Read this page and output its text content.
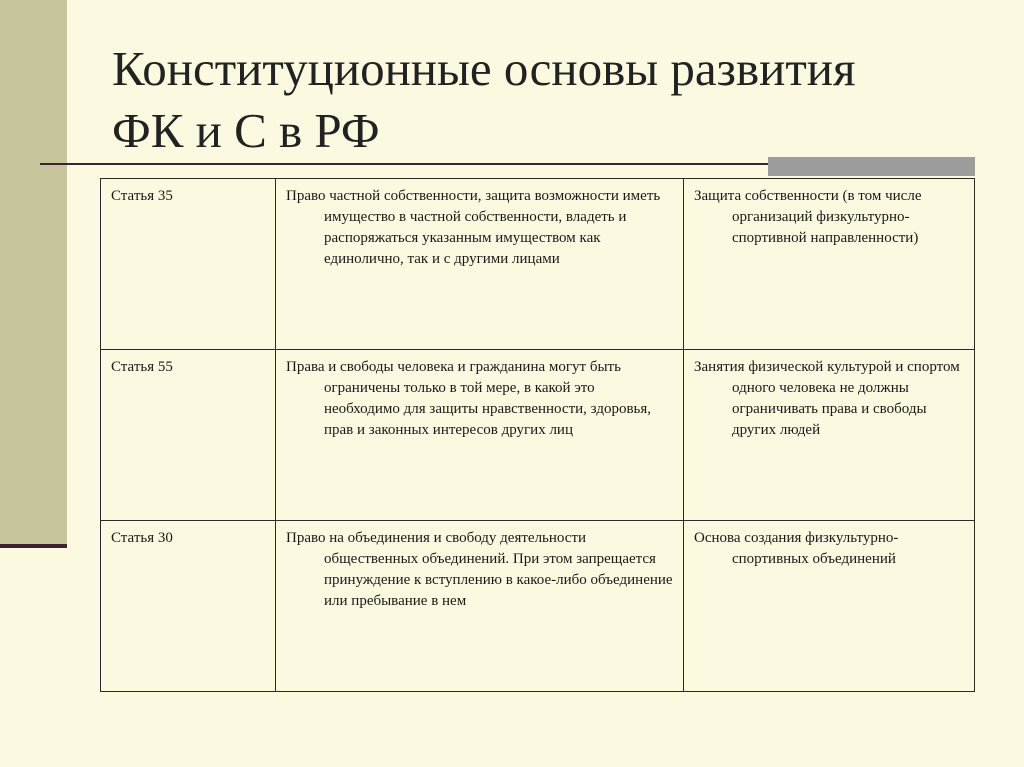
Конституционные основы развития
ФК и С в РФ
Статья 35	Право частной собственности, защита возможности иметь имущество в частной собственности, владеть и распоряжаться указанным имуществом как единолично, так и с другими лицами	Защита собственности (в том числе организаций физкультурно-спортивной направленности)

Статья 55	Права и свободы человека и гражданина могут быть ограничены только в той мере, в какой это необходимо для защиты нравственности, здоровья, прав и законных интересов других лиц	Занятия физической культурой и спортом одного человека не должны ограничивать права и свободы других людей

Статья 30	Право на объединения и свободу деятельности общественных объединений. При этом запрещается принуждение к вступлению в какое-либо объединение или пребывание в нем	Основа создания физкультурно-спортивных объединений
